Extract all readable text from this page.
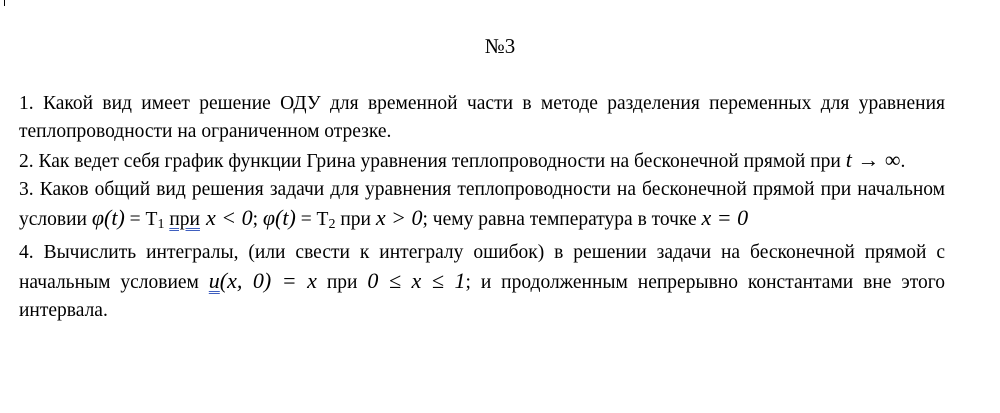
№3

1. Какой вид имеет решение ОДУ для временной части в методе разделения переменных для уравнения теплопроводности на ограниченном отрезке.

2. Как ведет себя график функции Грина уравнения теплопроводности на бесконечной прямой при t → ∞.

3. Каков общий вид решения задачи для уравнения теплопроводности на бесконечной прямой при начальном условии $\varphi(t) = T_1$ при x < 0; $\varphi(t) = T_2$ при x > 0; чему равна температура в точке x = 0

4. Вычислить интегралы, (или свести к интегралу ошибок) в решении задачи на бесконечной прямой с начальным условием u(x, 0) = x при 0 ≤ x ≤ 1; и продолженным непрерывно константами вне этого интервала.
